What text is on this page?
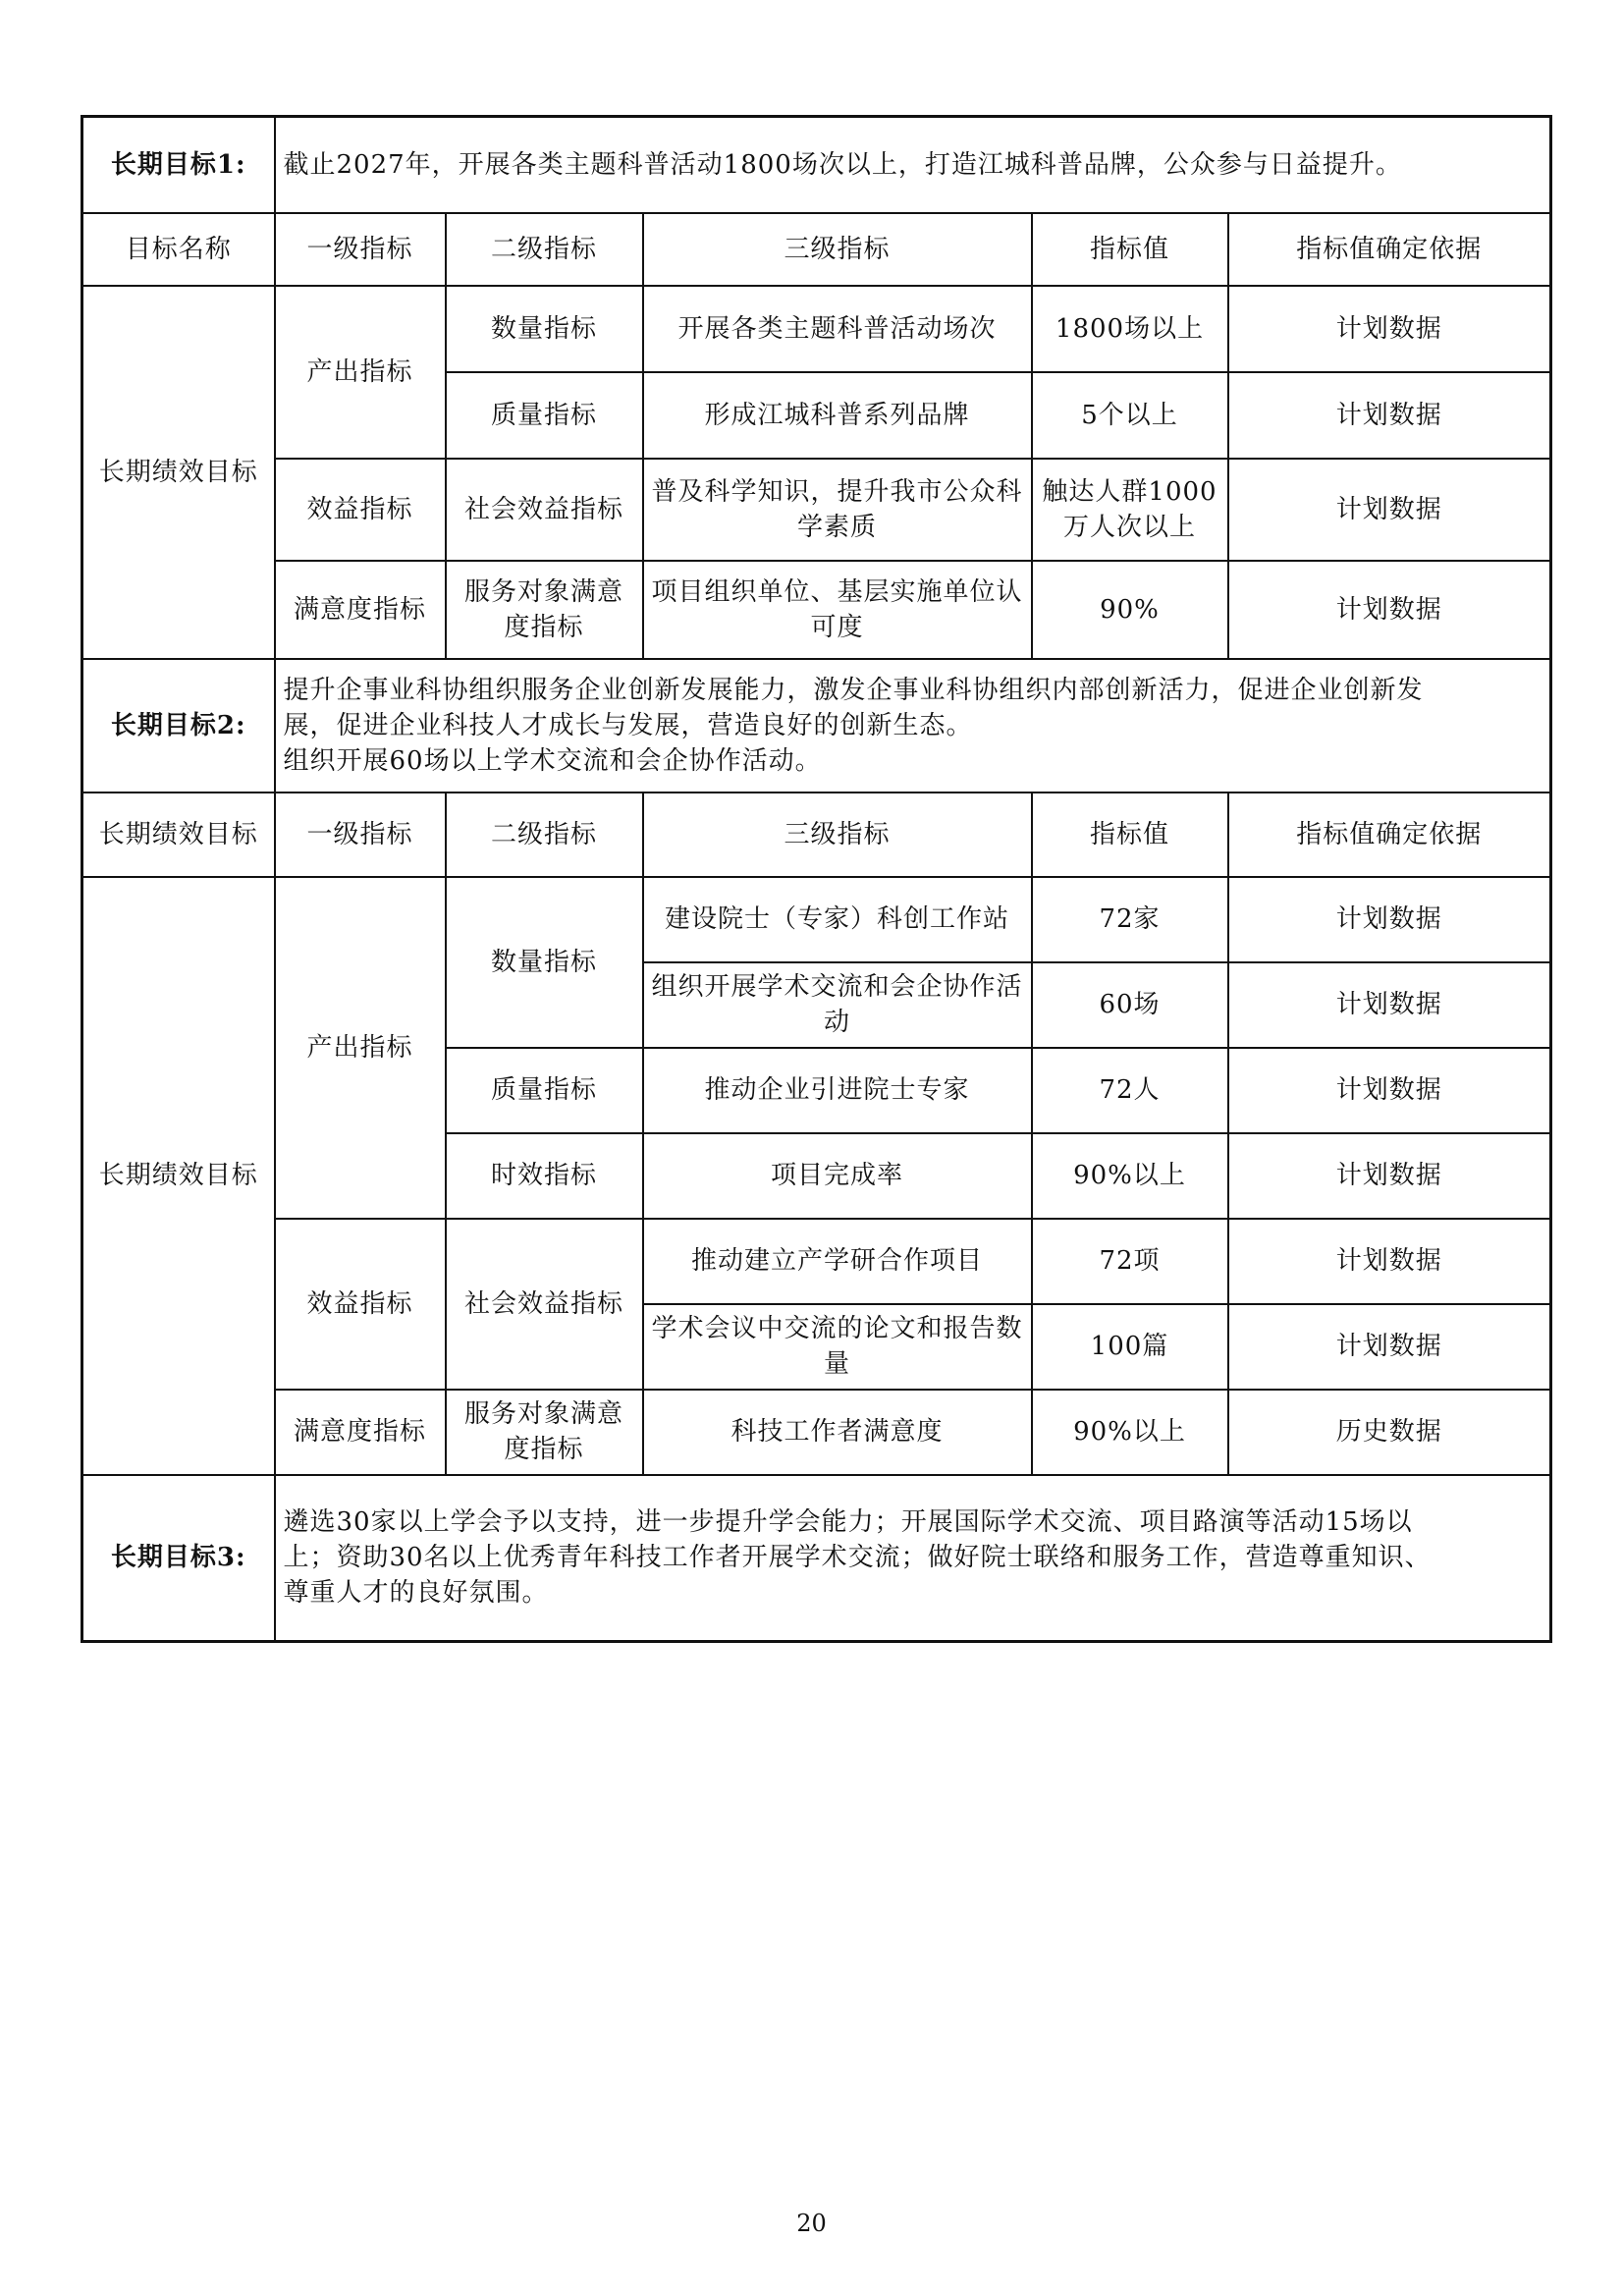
长期目标1:	截止2027年，开展各类主题科普活动1800场次以上，打造江城科普品牌，公众参与日益提升。				
目标名称	一级指标	二级指标	三级指标	指标值	指标值确定依据
长期绩效目标	产出指标	数量指标	开展各类主题科普活动场次	1800场以上	计划数据
		质量指标	形成江城科普系列品牌	5个以上	计划数据
	效益指标	社会效益指标	普及科学知识，提升我市公众科学素质	触达人群1000万人次以上	计划数据
	满意度指标	服务对象满意度指标	项目组织单位、基层实施单位认可度	90%	计划数据
长期目标2:	提升企事业科协组织服务企业创新发展能力，激发企事业科协组织内部创新活力，促进企业创新发
展，促进企业科技人才成长与发展，营造良好的创新生态。
组织开展60场以上学术交流和会企协作活动。				

长期绩效目标	一级指标	二级指标	三级指标	指标值	指标值确定依据
长期绩效目标	产出指标	数量指标	建设院士（专家）科创工作站	72家	计划数据
			组织开展学术交流和会企协作活动	60场	计划数据
		质量指标	推动企业引进院士专家	72人	计划数据
		时效指标	项目完成率	90%以上	计划数据
	效益指标	社会效益指标	推动建立产学研合作项目	72项	计划数据
			学术会议中交流的论文和报告数量	100篇	计划数据
	满意度指标	服务对象满意度指标	科技工作者满意度	90%以上	历史数据
长期目标3:	遴选30家以上学会予以支持，进一步提升学会能力；开展国际学术交流、项目路演等活动15场以
上；资助30名以上优秀青年科技工作者开展学术交流；做好院士联络和服务工作，营造尊重知识、
尊重人才的良好氛围。				
20
